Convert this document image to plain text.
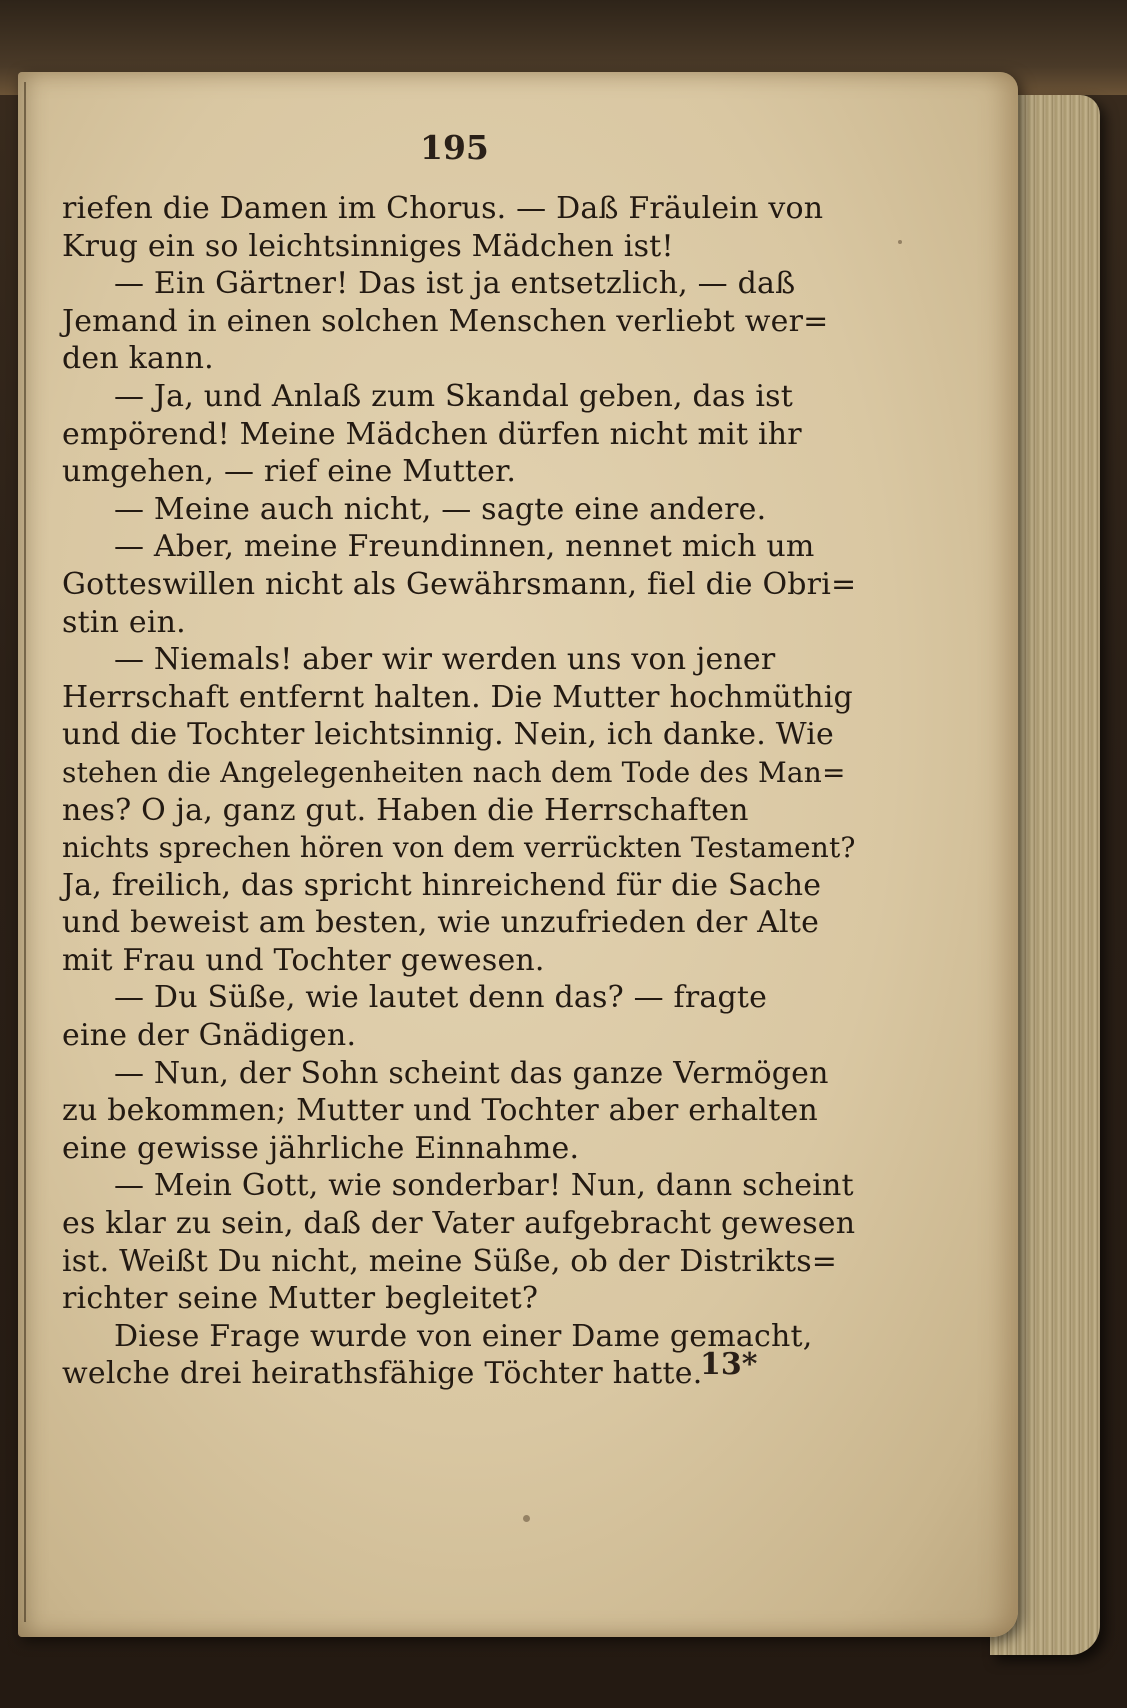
195
riefen die Damen im Chorus. — Daß Fräulein von
Krug ein so leichtsinniges Mädchen ist!
— Ein Gärtner! Das ist ja entsetzlich, — daß
Jemand in einen solchen Menschen verliebt wer=
den kann.
— Ja, und Anlaß zum Skandal geben, das ist
empörend! Meine Mädchen dürfen nicht mit ihr
umgehen, — rief eine Mutter.
— Meine auch nicht, — sagte eine andere.
— Aber, meine Freundinnen, nennet mich um
Gotteswillen nicht als Gewährsmann, fiel die Obri=
stin ein.
— Niemals! aber wir werden uns von jener
Herrschaft entfernt halten. Die Mutter hochmüthig
und die Tochter leichtsinnig. Nein, ich danke. Wie
stehen die Angelegenheiten nach dem Tode des Man=
nes? O ja, ganz gut. Haben die Herrschaften
nichts sprechen hören von dem verrückten Testament?
Ja, freilich, das spricht hinreichend für die Sache
und beweist am besten, wie unzufrieden der Alte
mit Frau und Tochter gewesen.
— Du Süße, wie lautet denn das? — fragte
eine der Gnädigen.
— Nun, der Sohn scheint das ganze Vermögen
zu bekommen; Mutter und Tochter aber erhalten
eine gewisse jährliche Einnahme.
— Mein Gott, wie sonderbar! Nun, dann scheint
es klar zu sein, daß der Vater aufgebracht gewesen
ist. Weißt Du nicht, meine Süße, ob der Distrikts=
richter seine Mutter begleitet?
Diese Frage wurde von einer Dame gemacht,
welche drei heirathsfähige Töchter hatte.
13*
